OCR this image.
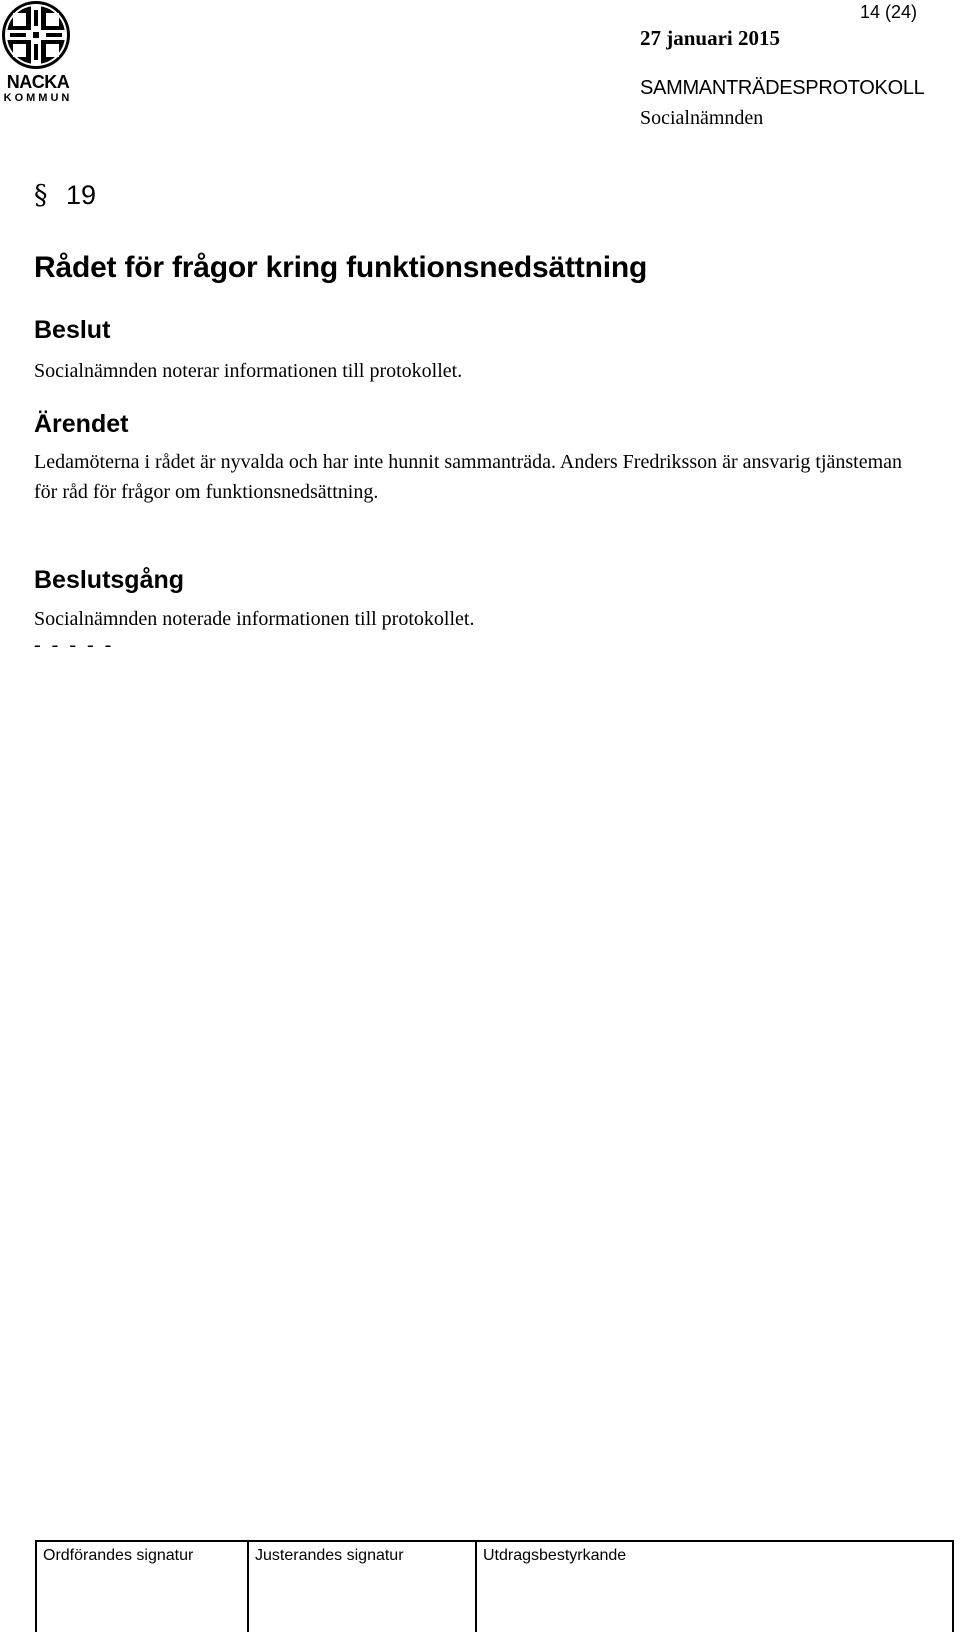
NACKA
KOMMUN
14 (24)
27 januari 2015
SAMMANTRÄDESPROTOKOLL
Socialnämnden
§ 19
Rådet för frågor kring funktionsnedsättning
Beslut
Socialnämnden noterar informationen till protokollet.
Ärendet
Ledamöterna i rådet är nyvalda och har inte hunnit sammanträda. Anders Fredriksson är ansvarig tjänsteman för råd för frågor om funktionsnedsättning.
Beslutsgång
Socialnämnden noterade informationen till protokollet.
- - - - -
Ordförandes signatur	Justerandes signatur	Utdragsbestyrkande
